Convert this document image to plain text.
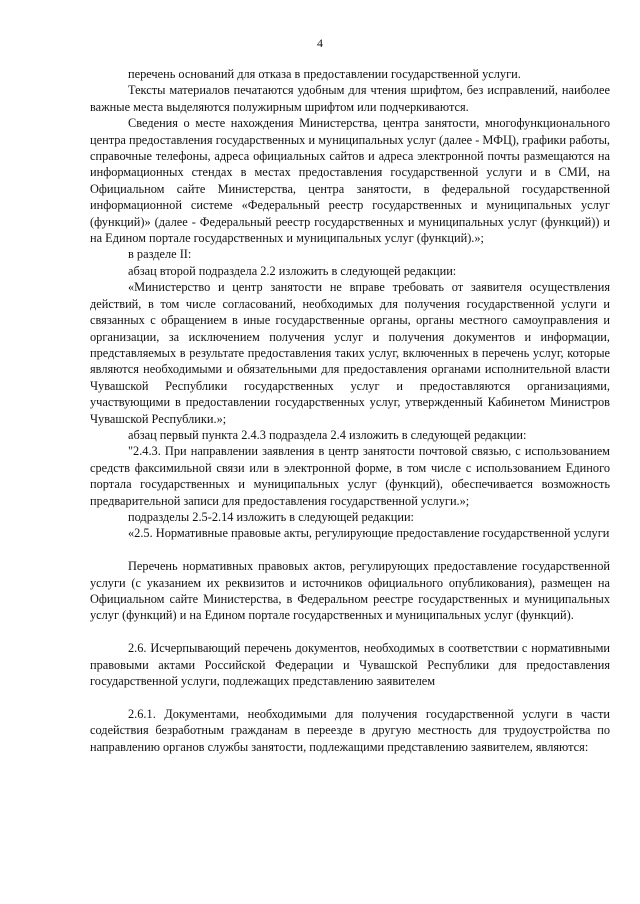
4

перечень оснований для отказа в предоставлении государственной услуги.

Тексты материалов печатаются удобным для чтения шрифтом, без исправлений, наиболее важные места выделяются полужирным шрифтом или подчеркиваются.

Сведения о месте нахождения Министерства, центра занятости, многофункционального центра предоставления государственных и муниципальных услуг (далее - МФЦ), графики работы, справочные телефоны, адреса официальных сайтов и адреса электронной почты размещаются на информационных стендах в местах предоставления государственной услуги и в СМИ, на Официальном сайте Министерства, центра занятости, в федеральной государственной информационной системе «Федеральный реестр государственных и муниципальных услуг (функций)» (далее - Федеральный реестр государственных и муниципальных услуг (функций)) и на Едином портале государственных и муниципальных услуг (функций).»;

в разделе II:

абзац второй подраздела 2.2 изложить в следующей редакции:

«Министерство и центр занятости не вправе требовать от заявителя осуществления действий, в том числе согласований, необходимых для получения государственной услуги и связанных с обращением в иные государственные органы, органы местного самоуправления и организации, за исключением получения услуг и получения документов и информации, представляемых в результате предоставления таких услуг, включенных в перечень услуг, которые являются необходимыми и обязательными для предоставления органами исполнительной власти Чувашской Республики государственных услуг и предоставляются организациями, участвующими в предоставлении государственных услуг, утвержденный Кабинетом Министров Чувашской Республики.»;

абзац первый пункта 2.4.3 подраздела 2.4 изложить в следующей редакции:

"2.4.3. При направлении заявления в центр занятости почтовой связью, с использованием средств факсимильной связи или в электронной форме, в том числе с использованием Единого портала государственных и муниципальных услуг (функций), обеспечивается возможность предварительной записи для предоставления государственной услуги.»;

подразделы 2.5-2.14 изложить в следующей редакции:

«2.5. Нормативные правовые акты, регулирующие предоставление государственной услуги

Перечень нормативных правовых актов, регулирующих предоставление государственной услуги (с указанием их реквизитов и источников официального опубликования), размещен на Официальном сайте Министерства, в Федеральном реестре государственных и муниципальных услуг (функций) и на Едином портале государственных и муниципальных услуг (функций).

2.6. Исчерпывающий перечень документов, необходимых в соответствии с нормативными правовыми актами Российской Федерации и Чувашской Республики для предоставления государственной услуги, подлежащих представлению заявителем

2.6.1. Документами, необходимыми для получения государственной услуги в части содействия безработным гражданам в переезде в другую местность для трудоустройства по направлению органов службы занятости, подлежащими представлению заявителем, являются:
